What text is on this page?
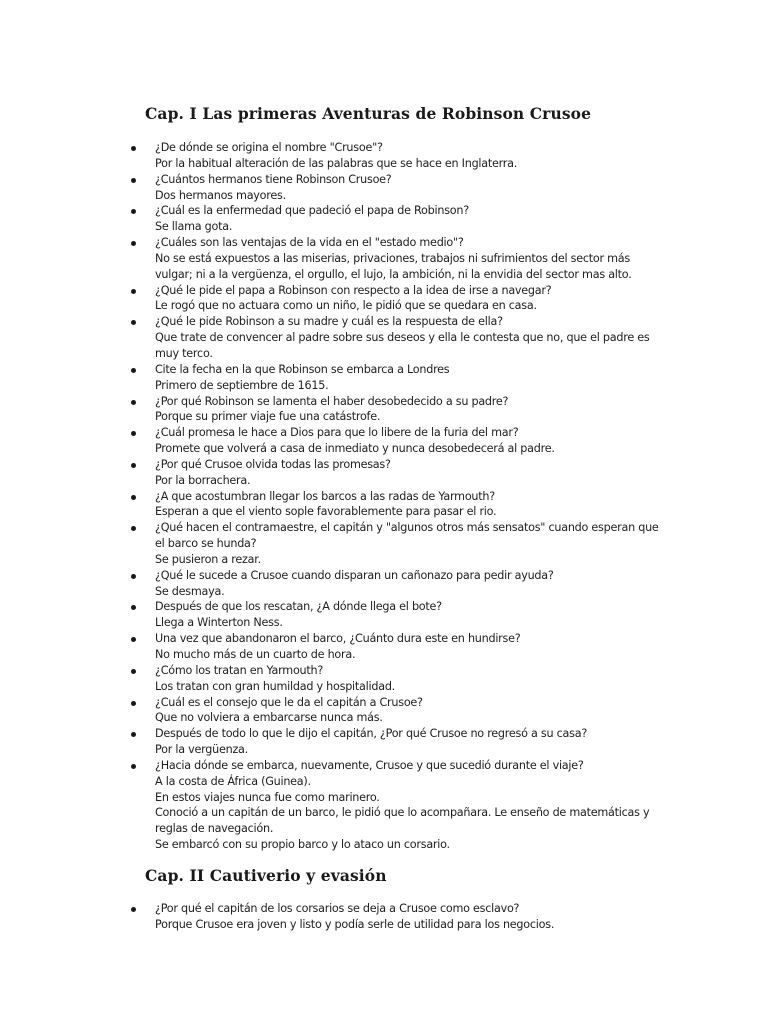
Cap. I Las primeras Aventuras de Robinson Crusoe
¿De dónde se origina el nombre "Crusoe"?
Por la habitual alteración de las palabras que se hace en Inglaterra.
¿Cuántos hermanos tiene Robinson Crusoe?
Dos hermanos mayores.
¿Cuál es la enfermedad que padeció el papa de Robinson?
Se llama gota.
¿Cuáles son las ventajas de la vida en el "estado medio"?
No se está expuestos a las miserias, privaciones, trabajos ni sufrimientos del sector más
vulgar; ni a la vergüenza, el orgullo, el lujo, la ambición, ni la envidia del sector mas alto.
¿Qué le pide el papa a Robinson con respecto a la idea de irse a navegar?
Le rogó que no actuara como un niño, le pidió que se quedara en casa.
¿Qué le pide Robinson a su madre y cuál es la respuesta de ella?
Que trate de convencer al padre sobre sus deseos y ella le contesta que no, que el padre es
muy terco.
Cite la fecha en la que Robinson se embarca a Londres
Primero de septiembre de 1615.
¿Por qué Robinson se lamenta el haber desobedecido a su padre?
Porque su primer viaje fue una catástrofe.
¿Cuál promesa le hace a Dios para que lo libere de la furia del mar?
Promete que volverá a casa de inmediato y nunca desobedecerá al padre.
¿Por qué Crusoe olvida todas las promesas?
Por la borrachera.
¿A que acostumbran llegar los barcos a las radas de Yarmouth?
Esperan a que el viento sople favorablemente para pasar el rio.
¿Qué hacen el contramaestre, el capitán y "algunos otros más sensatos" cuando esperan que
el barco se hunda?
Se pusieron a rezar.
¿Qué le sucede a Crusoe cuando disparan un cañonazo para pedir ayuda?
Se desmaya.
Después de que los rescatan, ¿A dónde llega el bote?
Llega a Winterton Ness.
Una vez que abandonaron el barco, ¿Cuánto dura este en hundirse?
No mucho más de un cuarto de hora.
¿Cómo los tratan en Yarmouth?
Los tratan con gran humildad y hospitalidad.
¿Cuál es el consejo que le da el capitán a Crusoe?
Que no volviera a embarcarse nunca más.
Después de todo lo que le dijo el capitán, ¿Por qué Crusoe no regresó a su casa?
Por la vergüenza.
¿Hacia dónde se embarca, nuevamente, Crusoe y que sucedió durante el viaje?
A la costa de África (Guinea).
En estos viajes nunca fue como marinero.
Conoció a un capitán de un barco, le pidió que lo acompañara. Le enseño de matemáticas y
reglas de navegación.
Se embarcó con su propio barco y lo ataco un corsario.
Cap. II Cautiverio y evasión
¿Por qué el capitán de los corsarios se deja a Crusoe como esclavo?
Porque Crusoe era joven y listo y podía serle de utilidad para los negocios.
